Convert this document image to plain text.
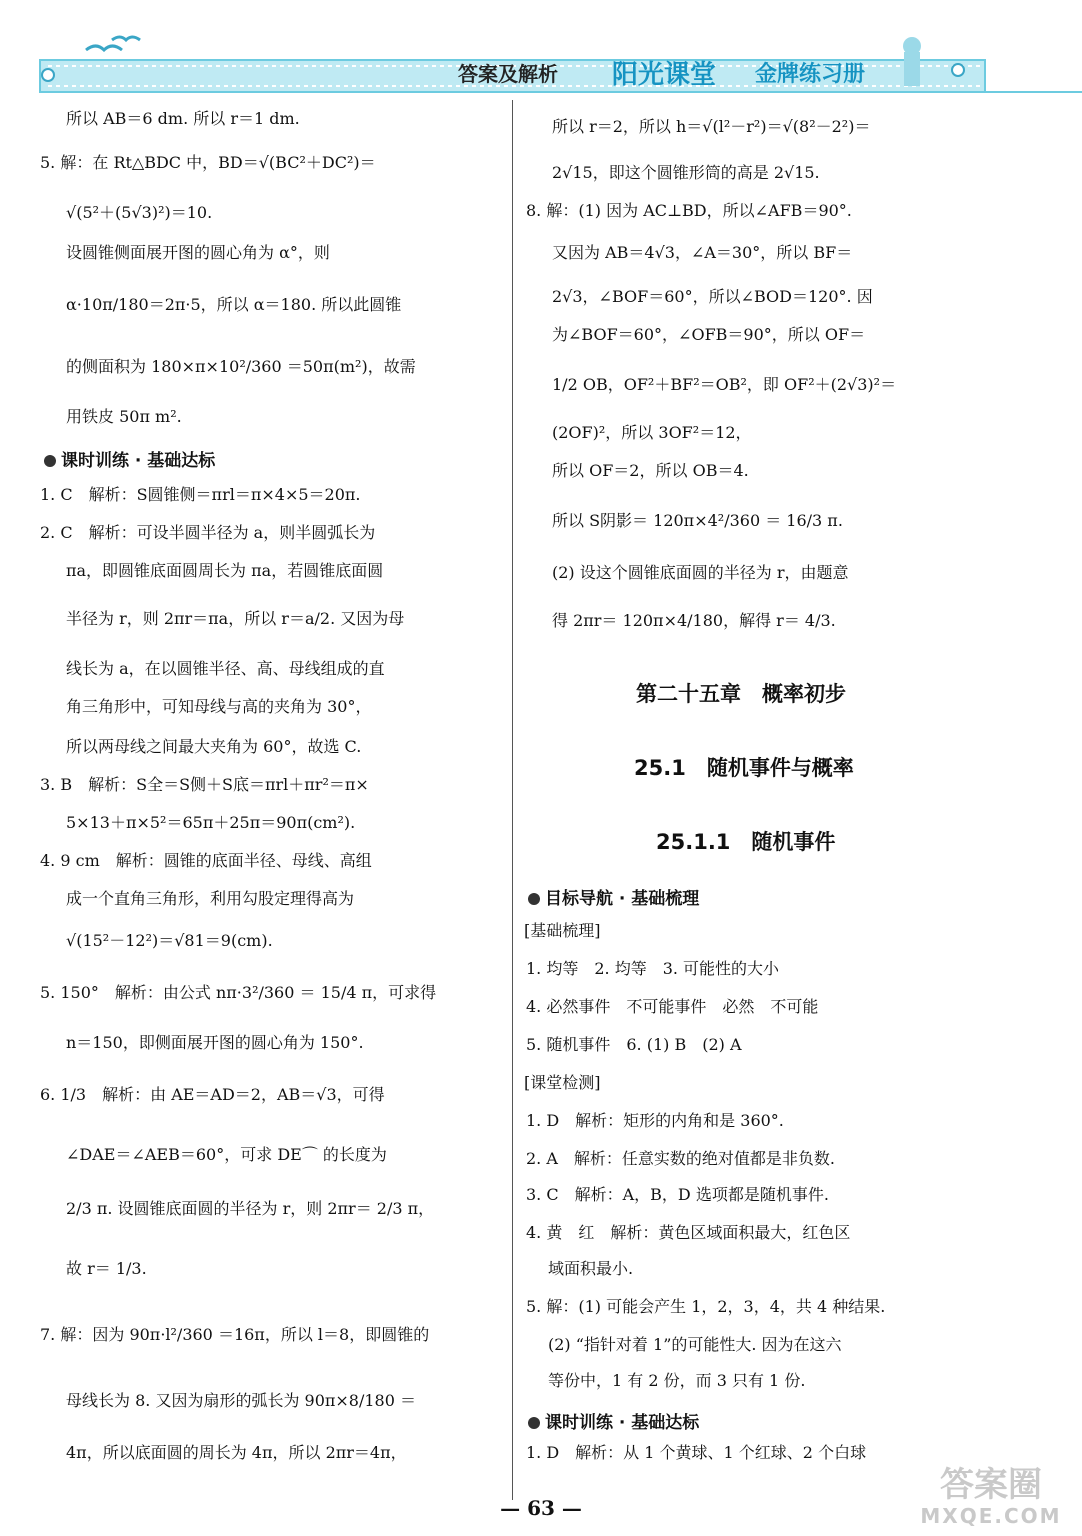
答案及解析 阳光课堂 金牌练习册
所以 AB＝6 dm. 所以 r＝1 dm.
5. 解：在 Rt△BDC 中，BD＝√(BC²＋DC²)＝
√(5²＋(5√3)²)＝10.
设圆锥侧面展开图的圆心角为 α°，则
α·10π/180＝2π·5，所以 α＝180. 所以此圆锥
的侧面积为 180×π×10²/360 ＝50π(m²)，故需
用铁皮 50π m².
课时训练 · 基础达标
1. C　解析：S圆锥侧＝πrl＝π×4×5＝20π.
2. C　解析：可设半圆半径为 a，则半圆弧长为
πa，即圆锥底面圆周长为 πa，若圆锥底面圆
半径为 r，则 2πr＝πa，所以 r＝a/2. 又因为母
线长为 a，在以圆锥半径、高、母线组成的直
角三角形中，可知母线与高的夹角为 30°，
所以两母线之间最大夹角为 60°，故选 C.
3. B　解析：S全＝S侧＋S底＝πrl＋πr²＝π×
5×13＋π×5²＝65π＋25π＝90π(cm²).
4. 9 cm　解析：圆锥的底面半径、母线、高组
成一个直角三角形，利用勾股定理得高为
√(15²－12²)＝√81＝9(cm).
5. 150°　解析：由公式 nπ·3²/360 ＝ 15/4 π，可求得
n＝150，即侧面展开图的圆心角为 150°.
6. 1/3　解析：由 AE＝AD＝2，AB＝√3，可得
∠DAE＝∠AEB＝60°，可求 DE⌒ 的长度为
2/3 π. 设圆锥底面圆的半径为 r，则 2πr＝ 2/3 π，
故 r＝ 1/3.
7. 解：因为 90π·l²/360 ＝16π，所以 l＝8，即圆锥的
母线长为 8. 又因为扇形的弧长为 90π×8/180 ＝
4π，所以底面圆的周长为 4π，所以 2πr＝4π，
所以 r＝2，所以 h＝√(l²－r²)＝√(8²－2²)＝
2√15，即这个圆锥形筒的高是 2√15.
8. 解：(1) 因为 AC⊥BD，所以∠AFB＝90°.
又因为 AB＝4√3，∠A＝30°，所以 BF＝
2√3，∠BOF＝60°，所以∠BOD＝120°. 因
为∠BOF＝60°，∠OFB＝90°，所以 OF＝
1/2 OB，OF²＋BF²＝OB²，即 OF²＋(2√3)²＝
(2OF)²，所以 3OF²＝12，
所以 OF＝2，所以 OB＝4.
所以 S阴影＝ 120π×4²/360 ＝ 16/3 π.
(2) 设这个圆锥底面圆的半径为 r，由题意
得 2πr＝ 120π×4/180，解得 r＝ 4/3.
第二十五章　概率初步
25.1　随机事件与概率
25.1.1　随机事件
目标导航 · 基础梳理
[基础梳理]
1. 均等　2. 均等　3. 可能性的大小
4. 必然事件　不可能事件　必然　不可能
5. 随机事件　6. (1) B　(2) A
[课堂检测]
1. D　解析：矩形的内角和是 360°.
2. A　解析：任意实数的绝对值都是非负数.
3. C　解析：A，B，D 选项都是随机事件.
4. 黄　红　解析：黄色区域面积最大，红色区
域面积最小.
5. 解：(1) 可能会产生 1，2，3，4，共 4 种结果.
(2) “指针对着 1”的可能性大. 因为在这六
等份中，1 有 2 份，而 3 只有 1 份.
课时训练 · 基础达标
1. D　解析：从 1 个黄球、1 个红球、2 个白球
— 63 —
答案圈
MXQE.COM
